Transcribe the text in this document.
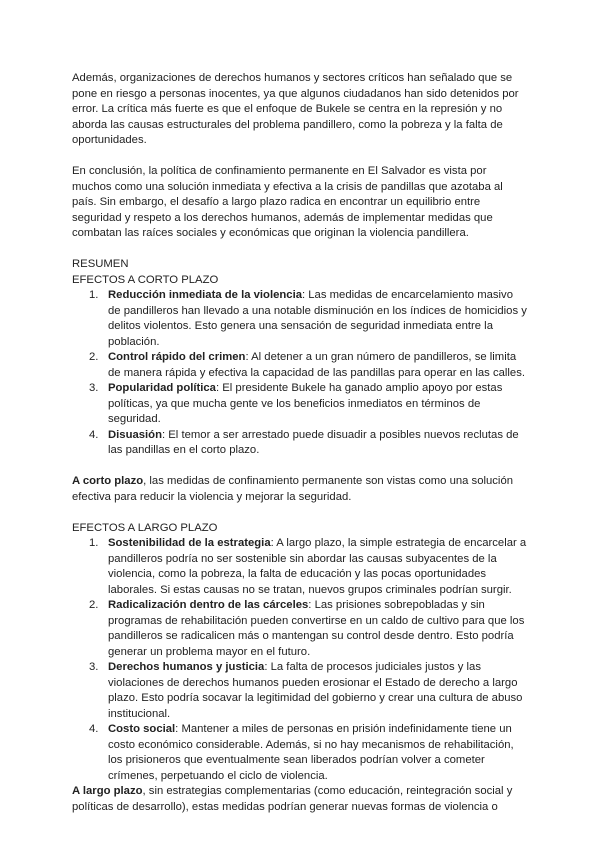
Además, organizaciones de derechos humanos y sectores críticos han señalado que se pone en riesgo a personas inocentes, ya que algunos ciudadanos han sido detenidos por error. La crítica más fuerte es que el enfoque de Bukele se centra en la represión y no aborda las causas estructurales del problema pandillero, como la pobreza y la falta de oportunidades.

En conclusión, la política de confinamiento permanente en El Salvador es vista por muchos como una solución inmediata y efectiva a la crisis de pandillas que azotaba al país. Sin embargo, el desafío a largo plazo radica en encontrar un equilibrio entre seguridad y respeto a los derechos humanos, además de implementar medidas que combatan las raíces sociales y económicas que originan la violencia pandillera.

RESUMEN

EFECTOS A CORTO PLAZO

1. Reducción inmediata de la violencia: Las medidas de encarcelamiento masivo de pandilleros han llevado a una notable disminución en los índices de homicidios y delitos violentos. Esto genera una sensación de seguridad inmediata entre la población.
2. Control rápido del crimen: Al detener a un gran número de pandilleros, se limita de manera rápida y efectiva la capacidad de las pandillas para operar en las calles.
3. Popularidad política: El presidente Bukele ha ganado amplio apoyo por estas políticas, ya que mucha gente ve los beneficios inmediatos en términos de seguridad.
4. Disuasión: El temor a ser arrestado puede disuadir a posibles nuevos reclutas de las pandillas en el corto plazo.

A corto plazo, las medidas de confinamiento permanente son vistas como una solución efectiva para reducir la violencia y mejorar la seguridad.

EFECTOS A LARGO PLAZO

1. Sostenibilidad de la estrategia: A largo plazo, la simple estrategia de encarcelar a pandilleros podría no ser sostenible sin abordar las causas subyacentes de la violencia, como la pobreza, la falta de educación y las pocas oportunidades laborales. Si estas causas no se tratan, nuevos grupos criminales podrían surgir.
2. Radicalización dentro de las cárceles: Las prisiones sobrepobladas y sin programas de rehabilitación pueden convertirse en un caldo de cultivo para que los pandilleros se radicalicen más o mantengan su control desde dentro. Esto podría generar un problema mayor en el futuro.
3. Derechos humanos y justicia: La falta de procesos judiciales justos y las violaciones de derechos humanos pueden erosionar el Estado de derecho a largo plazo. Esto podría socavar la legitimidad del gobierno y crear una cultura de abuso institucional.
4. Costo social: Mantener a miles de personas en prisión indefinidamente tiene un costo económico considerable. Además, si no hay mecanismos de rehabilitación, los prisioneros que eventualmente sean liberados podrían volver a cometer crímenes, perpetuando el ciclo de violencia.

A largo plazo, sin estrategias complementarias (como educación, reintegración social y políticas de desarrollo), estas medidas podrían generar nuevas formas de violencia o
